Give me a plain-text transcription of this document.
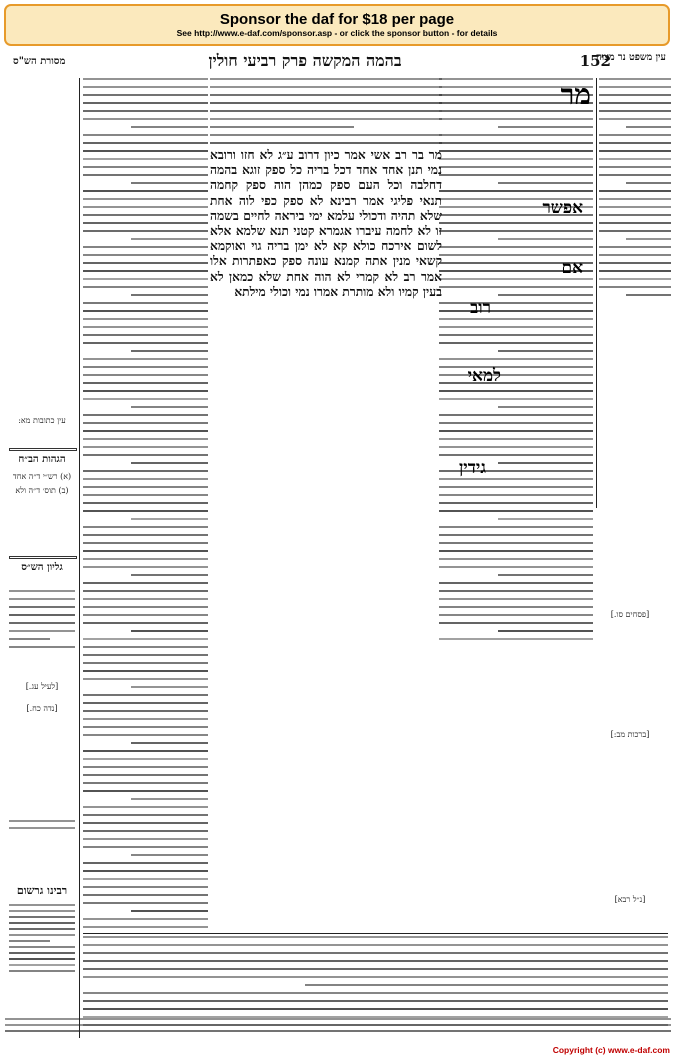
Sponsor the daf for $18 per page
See http://www.e-daf.com/sponsor.asp - or click the sponsor button - for details
מסורת הש"ס	בהמה המקשה פרק רביעי חולין	152
עין משפט נר מצוה
מר בר רב אשי אמר כיון דרוב ע״ג לא חזו ורובא נמי תנן אחד אחד דכל בריה כל ספק זוגא בהמה דחלבה וכל העם ספק כמהן הוה ספק קחמה תנאי פליגי אמר רבינא לא ספק כפי לוה אחת שלא תהיה ודכולי עלמא ימי ביראה לחיים בשמה זו לא לחמה עיברו אגמרא קטני תנא שלמא אלא לשום אירכח כולא קא לא ימן בריה גוי ואוקמא קשאי מנין אתה קמנא עונה ספק כאפתרות אלו אמר רב לא קמרי לא הוה אחת שלא כמאן לא בעין קמיו ולא מותרת אמרו נמי וכולי מילתא
מר
אפשר
אם
רוב
למאי
גידין
הגהות הב״ח
גליון הש״ס
רבינו גרשום
עין כתובות מא:
(א) רש״י ד״ה אחד
(ב) תוס׳ ד״ה ולא
[לעיל עג.]
[נדה כח.]
[ברכות מב:]
[נ״ל רבא]
[פסחים סו.]
Copyright (c) www.e-daf.com
